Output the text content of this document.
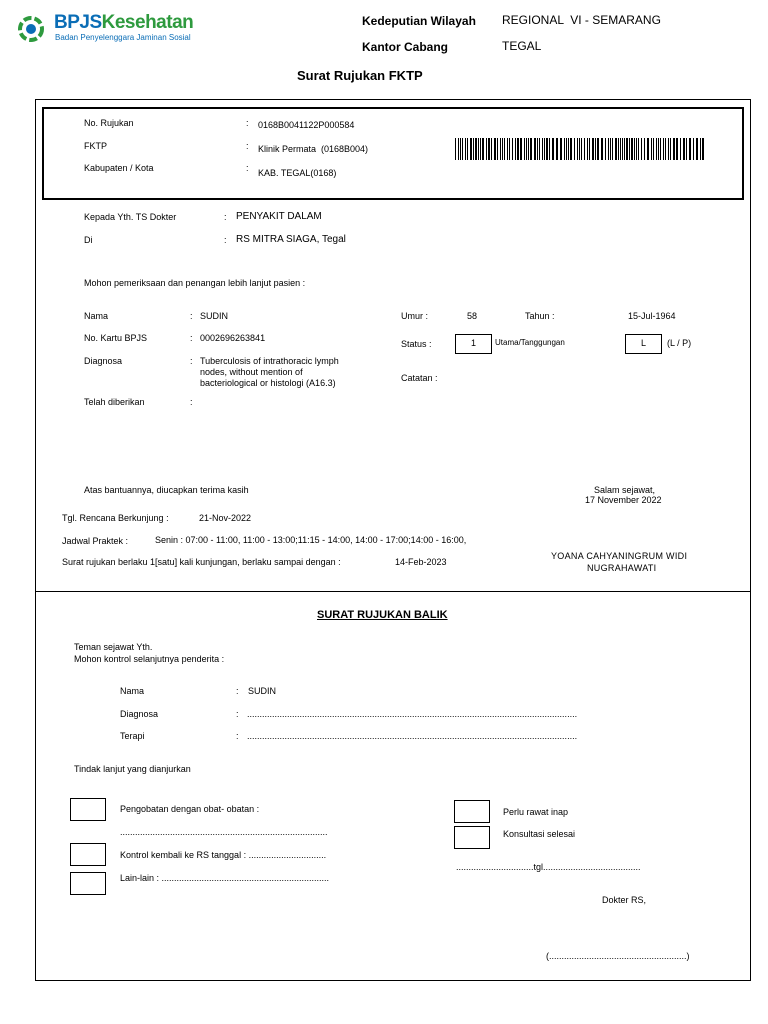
BPJSKesehatan
Badan Penyelenggara Jaminan Sosial
Kedeputian Wilayah REGIONAL  VI - SEMARANG
Kantor Cabang	TEGAL
Surat Rujukan FKTP
No. Rujukan	: 0168B0041122P000584
FKTP	: Klinik Permata  (0168B004)
Kabupaten / Kota	: KAB. TEGAL(0168)
Kepada Yth. TS Dokter	: PENYAKIT DALAM
Di	: RS MITRA SIAGA, Tegal
Mohon pemeriksaan dan penangan lebih lanjut pasien :
Nama	: SUDIN
No. Kartu BPJS	: 0002696263841
Diagnosa	: Tuberculosis of intrathoracic lymph
nodes, without mention of
bacteriological or histologi (A16.3)
Telah diberikan	:
Umur :	58	Tahun :	15-Jul-1964
Status :	1 Utama/Tanggungan	L (L / P)
Catatan :
Atas bantuannya, diucapkan terima kasih	Salam sejawat,
17 November 2022
Tgl. Rencana Berkunjung :	21-Nov-2022
Jadwal Praktek :	Senin : 07:00 - 11:00, 11:00 - 13:00;11:15 - 14:00, 14:00 - 17:00;14:00 - 16:00,
Surat rujukan berlaku 1[satu] kali kunjungan, berlaku sampai dengan :	14-Feb-2023
YOANA CAHYANINGRUM WIDI
NUGRAHAWATI
SURAT RUJUKAN BALIK
Teman sejawat Yth.
Mohon kontrol selanjutnya penderita :
Nama	: SUDIN
Diagnosa	: ....................................................................................................................................
Terapi	: ....................................................................................................................................
Tindak lanjut yang dianjurkan
Pengobatan dengan obat- obatan :
...................................................................................
Kontrol kembali ke RS tanggal : ...............................
Lain-lain : ...................................................................
Perlu rawat inap
Konsultasi selesai
...............................tgl.......................................
Dokter RS,
(.......................................................)
